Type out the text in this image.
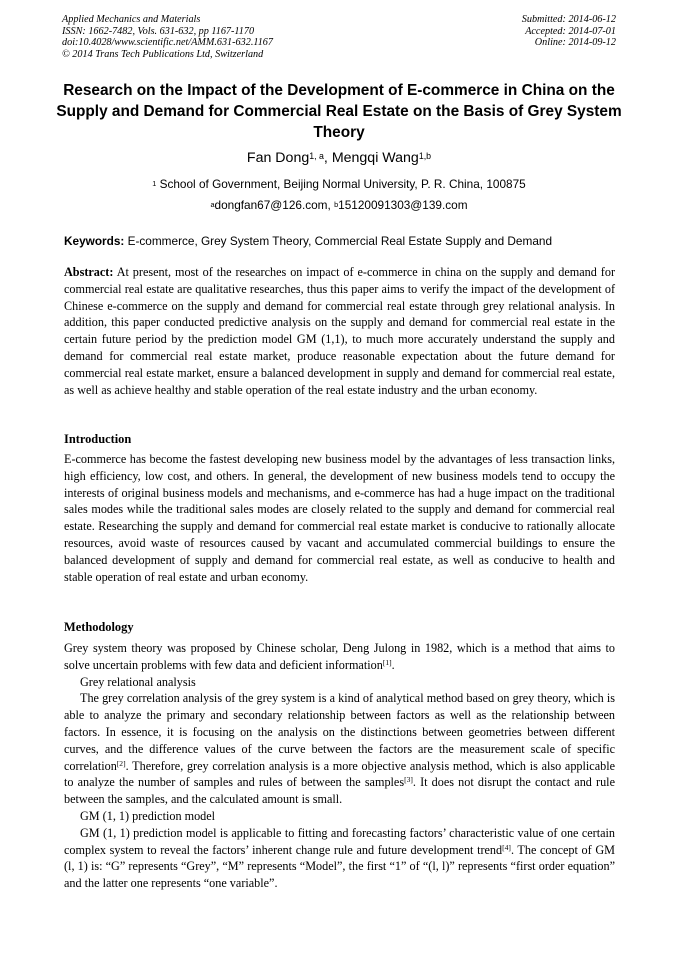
Applied Mechanics and Materials
ISSN: 1662-7482, Vols. 631-632, pp 1167-1170
doi:10.4028/www.scientific.net/AMM.631-632.1167
© 2014 Trans Tech Publications Ltd, Switzerland
Submitted: 2014-06-12
Accepted: 2014-07-01
Online: 2014-09-12
Research on the Impact of the Development of E-commerce in China on the Supply and Demand for Commercial Real Estate on the Basis of Grey System Theory
Fan Dong$^{1, a}$, Mengqi Wang$^{1,b}$
$^1$ School of Government, Beijing Normal University, P. R. China, 100875
$^a$dongfan67@126.com, $^b$15120091303@139.com
Keywords: E-commerce, Grey System Theory, Commercial Real Estate Supply and Demand
Abstract: At present, most of the researches on impact of e-commerce in china on the supply and demand for commercial real estate are qualitative researches, thus this paper aims to verify the impact of the development of Chinese e-commerce on the supply and demand for commercial real estate through grey relational analysis. In addition, this paper conducted predictive analysis on the supply and demand for commercial real estate in the certain future period by the prediction model GM (1,1), to much more accurately understand the supply and demand for commercial real estate market, produce reasonable expectation about the future demand for commercial real estate market, ensure a balanced development in supply and demand for commercial real estate, as well as achieve healthy and stable operation of the real estate industry and the urban economy.
Introduction
E-commerce has become the fastest developing new business model by the advantages of less transaction links, high efficiency, low cost, and others. In general, the development of new business models tend to occupy the interests of original business models and mechanisms, and e-commerce has had a huge impact on the traditional sales modes while the traditional sales modes are closely related to the supply and demand for commercial real estate. Researching the supply and demand for commercial real estate market is conducive to rationally allocate resources, avoid waste of resources caused by vacant and accumulated commercial buildings to ensure the balanced development of supply and demand for commercial real estate, as well as conducive to health and stable operation of real estate and urban economy.
Methodology

Grey system theory was proposed by Chinese scholar, Deng Julong in 1982, which is a method that aims to solve uncertain problems with few data and deficient information[1].

Grey relational analysis

The grey correlation analysis of the grey system is a kind of analytical method based on grey theory, which is able to analyze the primary and secondary relationship between factors as well as the relationship between factors. In essence, it is focusing on the analysis on the distinctions between geometries between different curves, and the difference values of the curve between the factors are the measurement scale of specific correlation[2]. Therefore, grey correlation analysis is a more objective analysis method, which is also applicable to analyze the number of samples and rules of between the samples[3]. It does not disrupt the contact and rule between the samples, and the calculated amount is small.

GM (1, 1) prediction model

GM (1, 1) prediction model is applicable to fitting and forecasting factors’ characteristic value of one certain complex system to reveal the factors’ inherent change rule and future development trend[4]. The concept of GM (l, 1) is: “G” represents “Grey”, “M” represents “Model”, the first “1” of “(l, l)” represents “first order equation” and the latter one represents “one variable”.
